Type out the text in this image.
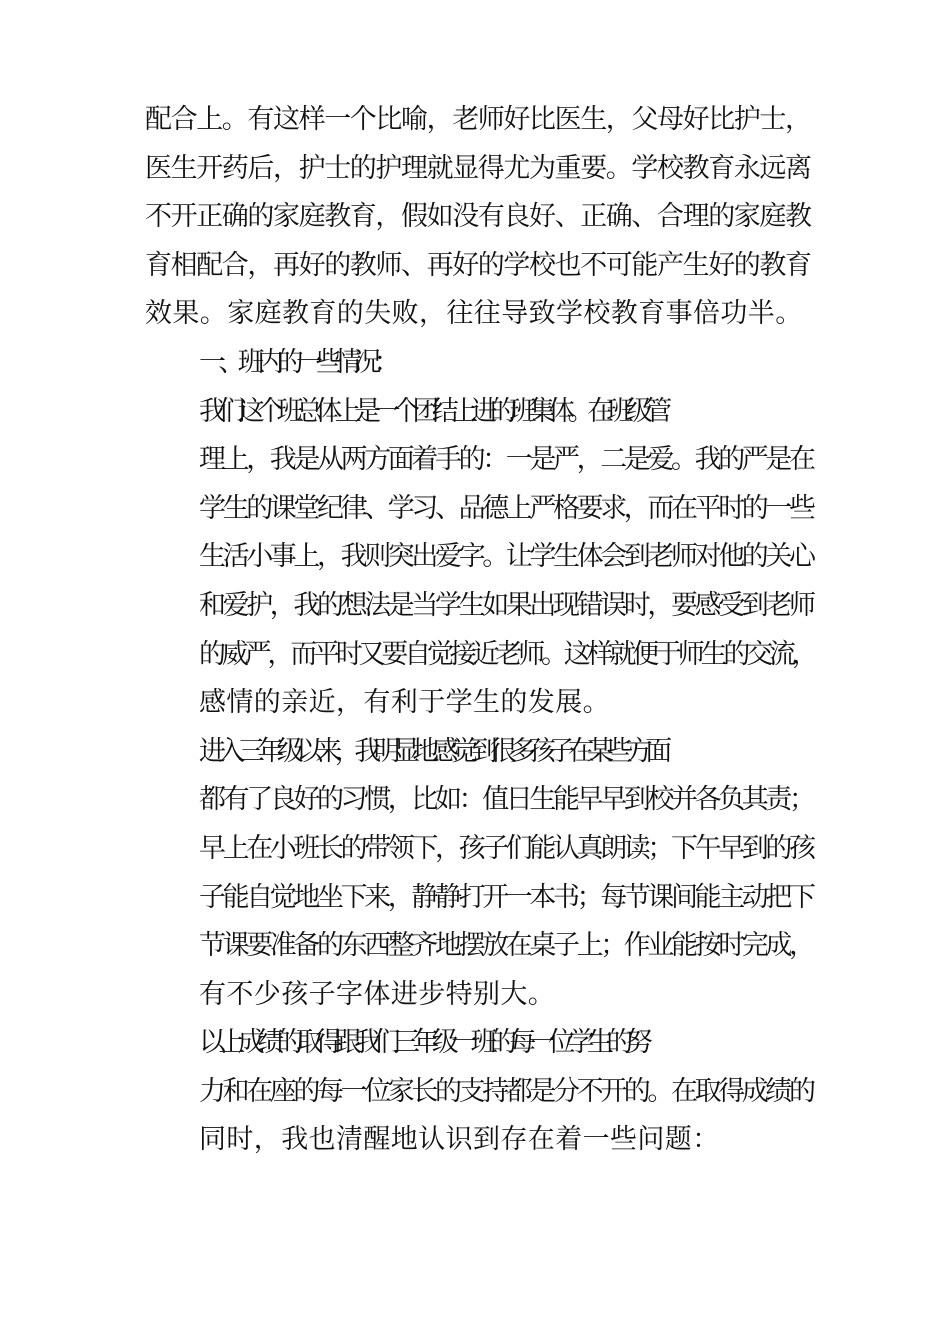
配合上。有这样一个比喻，老师好比医生，父母好比护士，
医生开药后，护士的护理就显得尤为重要。学校教育永远离
不开正确的家庭教育，假如没有良好、正确、合理的家庭教
育相配合，再好的教师、再好的学校也不可能产生好的教育
效果。家庭教育的失败，往往导致学校教育事倍功半。

一、班内的一些情况：

我们这个班总体上是一个团结上进的班集体。在班级管
理上，我是从两方面着手的：一是严，二是爱。我的严是在
学生的课堂纪律、学习、品德上严格要求，而在平时的一些
生活小事上，我则突出爱字。让学生体会到老师对他的关心
和爱护，我的想法是当学生如果出现错误时，要感受到老师
的威严，而平时又要自觉接近老师。这样就便于师生的交流，
感情的亲近，有利于学生的发展。

进入三年级以来，我明显地感觉到很多孩子在某些方面
都有了良好的习惯，比如：值日生能早早到校并各负其责；
早上在小班长的带领下，孩子们能认真朗读；下午早到的孩
子能自觉地坐下来，静静打开一本书；每节课间能主动把下
节课要准备的东西整齐地摆放在桌子上；作业能按时完成，
有不少孩子字体进步特别大。

以上成绩的取得跟我们三年级一班的每一位学生的努
力和在座的每一位家长的支持都是分不开的。在取得成绩的
同时，我也清醒地认识到存在着一些问题：
